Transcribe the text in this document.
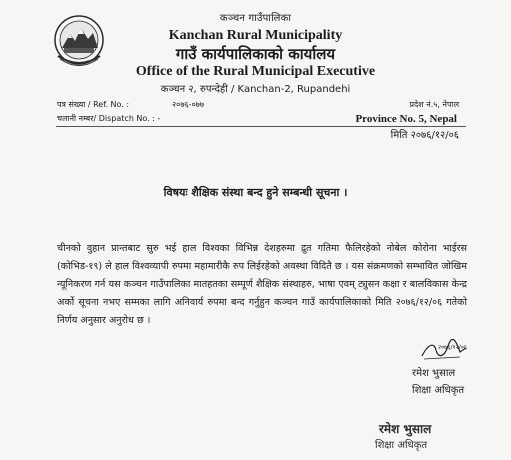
कञ्चन गाउँपालिका
Kanchan Rural Municipality
गाउँ कार्यपालिकाको कार्यालय
Office of the Rural Municipal Executive
कञ्चन २, रुपन्देही / Kanchan-2, Rupandehi
पत्र संख्या / Ref. No. :	२०७६-०७७	प्रदेश नं.५, नेपाल
चलानी नम्बर/ Dispatch No. : -	Province No. 5, Nepal
मिति २०७६/१२/०६
विषयः शैक्षिक संस्था बन्द हुने सम्बन्धी सूचना ।

चीनको वुहान प्रान्तबाट सुरु भई हाल विश्वका विभिन्न देशहरुमा द्रुत गतिमा फैलिरहेको नोबेल कोरोना भाईरस (कोभिड-१९) ले हाल विश्वव्यापी रुपमा महामारीकै रुप लिईरहेको अवस्था विदितै छ । यस संक्रमणको सम्भावित जोखिम न्यूनिकरण गर्न यस कञ्चन गाउँपालिका मातहतका सम्पूर्ण शैक्षिक संस्थाहरु, भाषा एवम् ट्युसन कक्षा र बालविकास केन्द्र अर्को सूचना नभए सम्मका लागि अनिवार्य रुपमा बन्द गर्नुहुन कञ्चन गाउँ कार्यपालिकाको मिति २०७६/१२/०६ गतेको निर्णय अनुसार अनुरोध छ ।

२०७६/१२/०६
रमेश भुसाल
शिक्षा अधिकृत
रमेश भुसाल
शिक्षा अधिकृत
